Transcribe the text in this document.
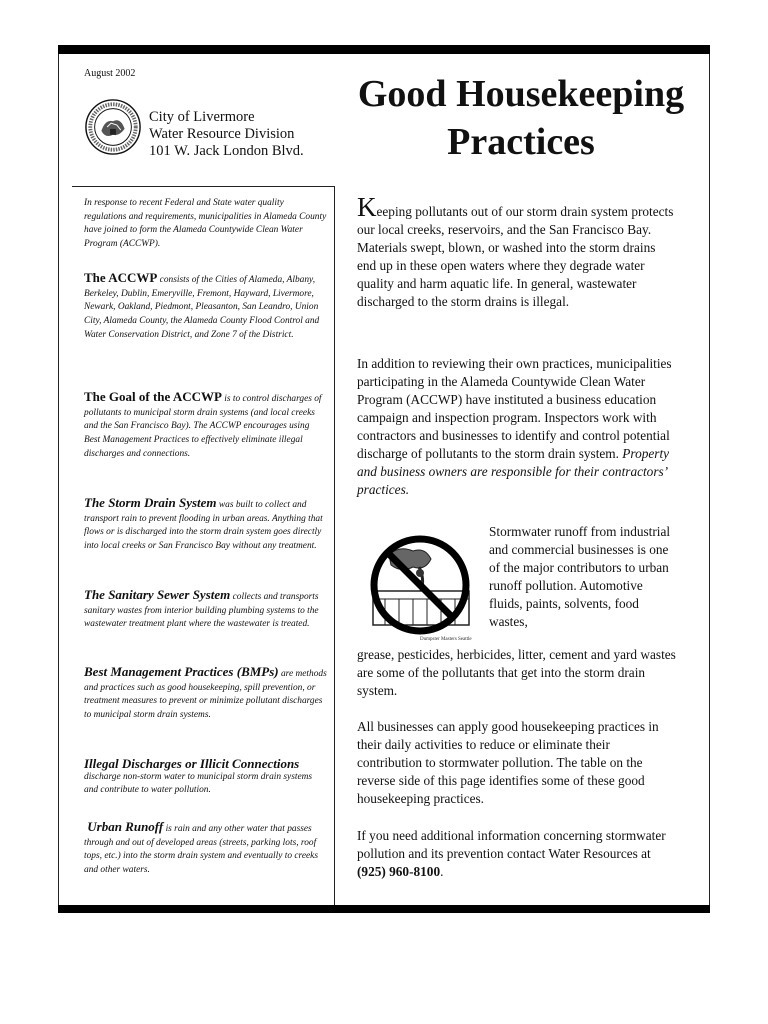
August 2002
City of Livermore
Water Resource Division
101 W. Jack London Blvd.
Good Housekeeping
Practices

In response to recent Federal and State water quality regulations and requirements, municipalities in Alameda County have joined to form the Alameda Countywide Clean Water Program (ACCWP).

The ACCWP consists of the Cities of Alameda, Albany, Berkeley, Dublin, Emeryville, Fremont, Hayward, Livermore, Newark, Oakland, Piedmont, Pleasanton, San Leandro, Union City, Alameda County, the Alameda County Flood Control and Water Conservation District, and Zone 7 of the District.

The Goal of the ACCWP is to control discharges of pollutants to municipal storm drain systems (and local creeks and the San Francisco Bay). The ACCWP encourages using Best Management Practices to effectively eliminate illegal discharges and connections.

The Storm Drain System was built to collect and transport rain to prevent flooding in urban areas. Anything that flows or is discharged into the storm drain system goes directly into local creeks or San Francisco Bay without any treatment.

The Sanitary Sewer System collects and transports sanitary wastes from interior building plumbing systems to the wastewater treatment plant where the wastewater is treated.

Best Management Practices (BMPs) are methods and practices such as good housekeeping, spill prevention, or treatment measures to prevent or minimize pollutant discharges to municipal storm drain systems.

Illegal Discharges or Illicit Connections

discharge non-storm water to municipal storm drain systems and contribute to water pollution.

Urban Runoff is rain and any other water that passes through and out of developed areas (streets, parking lots, roof tops, etc.) into the storm drain system and eventually to creeks and other waters.

Keeping pollutants out of our storm drain system protects our local creeks, reservoirs, and the San Francisco Bay. Materials swept, blown, or washed into the storm drains end up in these open waters where they degrade water quality and harm aquatic life. In general, wastewater discharged to the storm drains is illegal.

In addition to reviewing their own practices, municipalities participating in the Alameda Countywide Clean Water Program (ACCWP) have instituted a business education campaign and inspection program. Inspectors work with contractors and businesses to identify and control potential discharge of pollutants to the storm drain system. Property and business owners are responsible for their contractors’ practices.

Dumpster Masters Seattle

Stormwater runoff from industrial and commercial businesses is one of the major contributors to urban runoff pollution. Automotive fluids, paints, solvents, food wastes,

grease, pesticides, herbicides, litter, cement and yard wastes are some of the pollutants that get into the storm drain system.

All businesses can apply good housekeeping practices in their daily activities to reduce or eliminate their contribution to stormwater pollution. The table on the reverse side of this page identifies some of these good housekeeping practices.

If you need additional information concerning stormwater pollution and its prevention contact Water Resources at (925) 960-8100.
